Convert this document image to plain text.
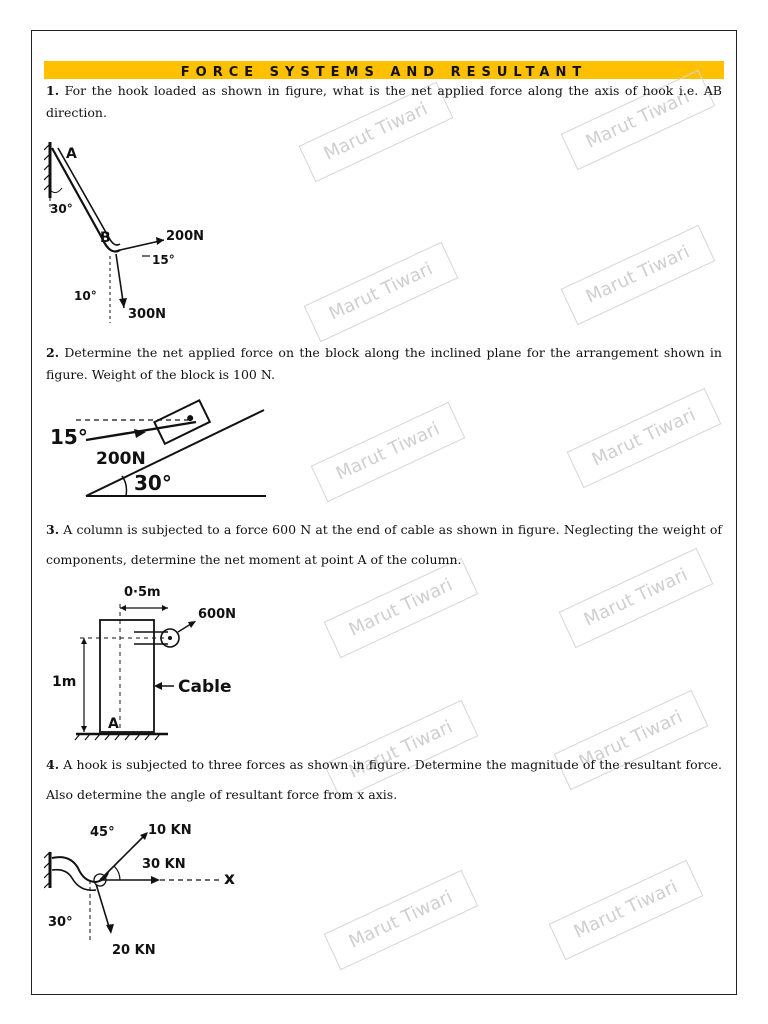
FORCE SYSTEMS AND RESULTANT
Marut Tiwari	Marut Tiwari
Marut Tiwari	Marut Tiwari
Marut Tiwari	Marut Tiwari
Marut Tiwari	Marut Tiwari
Marut Tiwari	Marut Tiwari
Marut Tiwari	Marut Tiwari
1. For the hook loaded as shown in figure, what is the net applied force along the axis of hook i.e. AB direction.
A
30°
B	200N
15°
10°
300N
2. Determine the net applied force on the block along the inclined plane for the arrangement shown in figure. Weight of the block is 100 N.
30°
15°
200N
3. A column is subjected to a force 600 N at the end of cable as shown in figure. Neglecting the weight of components, determine the net moment at point A of the column.
0·5m
600N
1m	Cable
A
4. A hook is subjected to three forces as shown in figure. Determine the magnitude of the resultant force. Also determine the angle of resultant force from x axis.
10 KN
45°
30 KN
x
30°
20 KN
